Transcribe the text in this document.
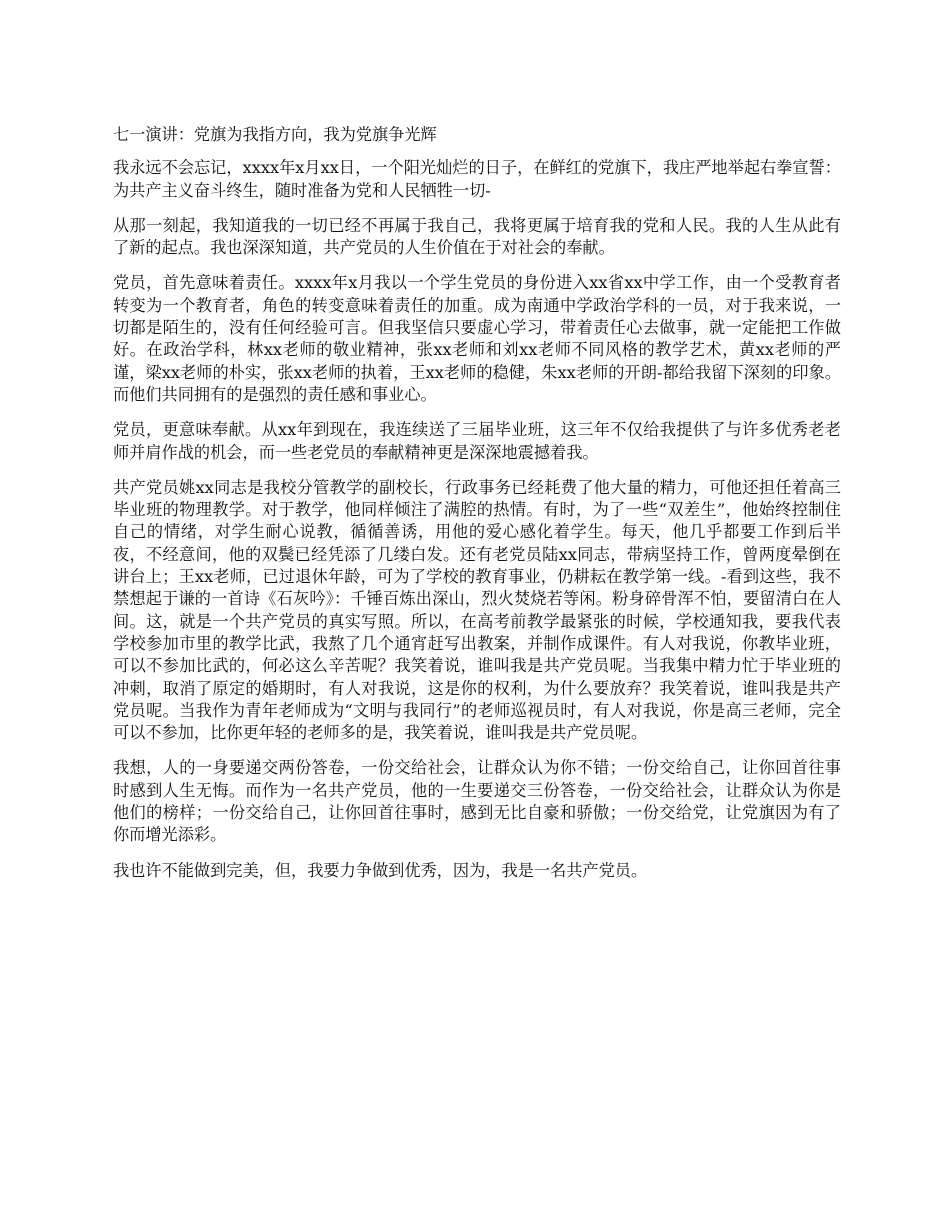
七一演讲：党旗为我指方向，我为党旗争光辉

我永远不会忘记，xxxx年x月xx日，一个阳光灿烂的日子，在鲜红的党旗下，我庄严地举起右拳宣誓：为共产主义奋斗终生，随时准备为党和人民牺牲一切-

从那一刻起，我知道我的一切已经不再属于我自己，我将更属于培育我的党和人民。我的人生从此有了新的起点。我也深深知道，共产党员的人生价值在于对社会的奉献。

党员，首先意味着责任。xxxx年x月我以一个学生党员的身份进入xx省xx中学工作，由一个受教育者转变为一个教育者，角色的转变意味着责任的加重。成为南通中学政治学科的一员，对于我来说，一切都是陌生的，没有任何经验可言。但我坚信只要虚心学习，带着责任心去做事，就一定能把工作做好。在政治学科，林xx老师的敬业精神，张xx老师和刘xx老师不同风格的教学艺术，黄xx老师的严谨，梁xx老师的朴实，张xx老师的执着，王xx老师的稳健，朱xx老师的开朗-都给我留下深刻的印象。而他们共同拥有的是强烈的责任感和事业心。

党员，更意味奉献。从xx年到现在，我连续送了三届毕业班，这三年不仅给我提供了与许多优秀老老师并肩作战的机会，而一些老党员的奉献精神更是深深地震撼着我。

共产党员姚xx同志是我校分管教学的副校长，行政事务已经耗费了他大量的精力，可他还担任着高三毕业班的物理教学。对于教学，他同样倾注了满腔的热情。有时，为了一些“双差生”，他始终控制住自己的情绪，对学生耐心说教，循循善诱，用他的爱心感化着学生。每天，他几乎都要工作到后半夜，不经意间，他的双鬓已经凭添了几缕白发。还有老党员陆xx同志，带病坚持工作，曾两度晕倒在讲台上；王xx老师，已过退休年龄，可为了学校的教育事业，仍耕耘在教学第一线。-看到这些，我不禁想起于谦的一首诗《石灰吟》：千锤百炼出深山，烈火焚烧若等闲。粉身碎骨浑不怕，要留清白在人间。这，就是一个共产党员的真实写照。所以，在高考前教学最紧张的时候，学校通知我，要我代表学校参加市里的教学比武，我熬了几个通宵赶写出教案，并制作成课件。有人对我说，你教毕业班，可以不参加比武的，何必这么辛苦呢？我笑着说，谁叫我是共产党员呢。当我集中精力忙于毕业班的冲刺，取消了原定的婚期时，有人对我说，这是你的权利，为什么要放弃？我笑着说，谁叫我是共产党员呢。当我作为青年老师成为“文明与我同行”的老师巡视员时，有人对我说，你是高三老师，完全可以不参加，比你更年轻的老师多的是，我笑着说，谁叫我是共产党员呢。

我想，人的一身要递交两份答卷，一份交给社会，让群众认为你不错；一份交给自己，让你回首往事时感到人生无悔。而作为一名共产党员，他的一生要递交三份答卷，一份交给社会，让群众认为你是他们的榜样；一份交给自己，让你回首往事时，感到无比自豪和骄傲；一份交给党，让党旗因为有了你而增光添彩。

我也许不能做到完美，但，我要力争做到优秀，因为，我是一名共产党员。
